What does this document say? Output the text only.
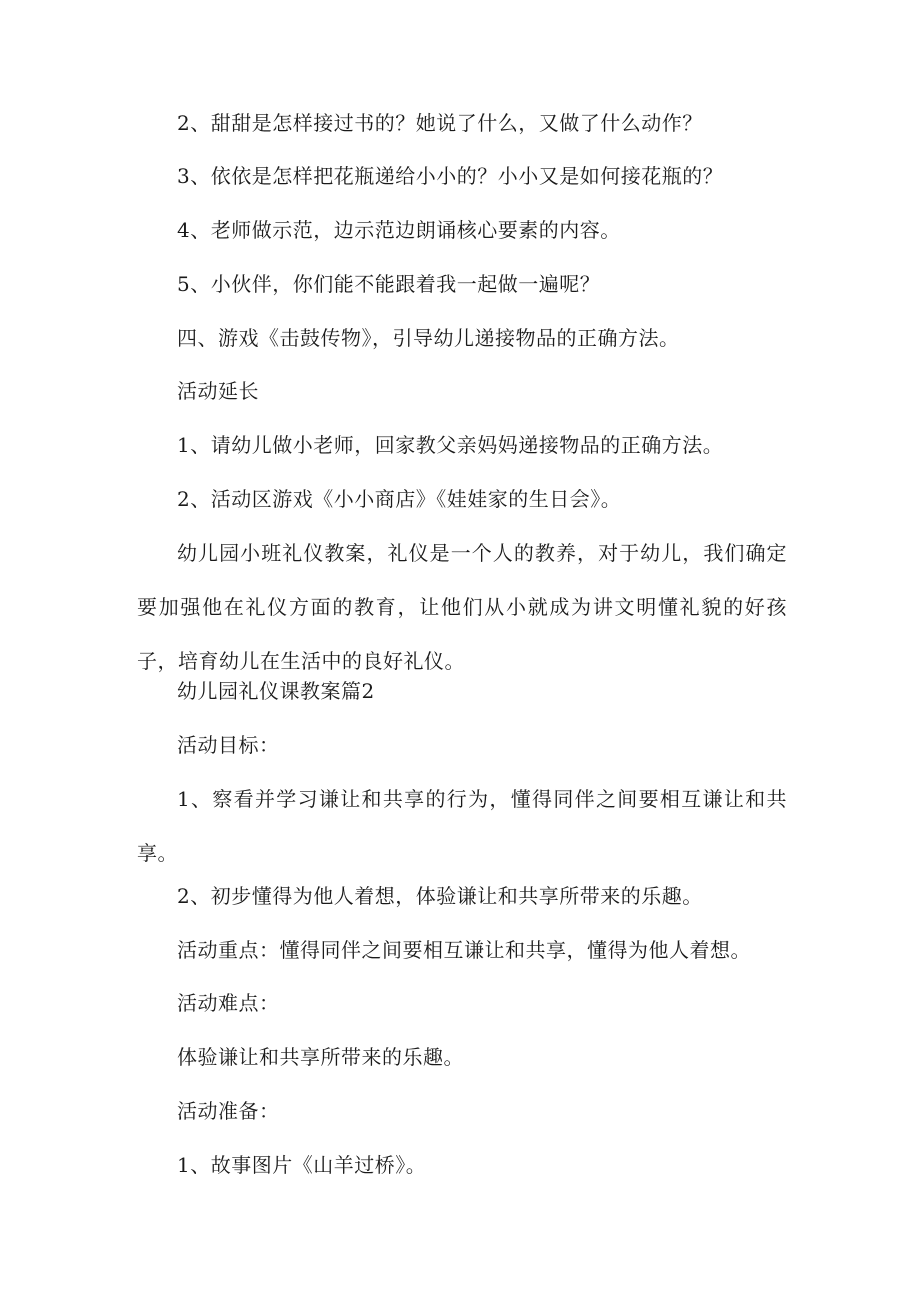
2、甜甜是怎样接过书的？她说了什么，又做了什么动作？

3、依依是怎样把花瓶递给小小的？小小又是如何接花瓶的？

4、老师做示范，边示范边朗诵核心要素的内容。

5、小伙伴，你们能不能跟着我一起做一遍呢？

四、游戏《击鼓传物》，引导幼儿递接物品的正确方法。

活动延长

1、请幼儿做小老师，回家教父亲妈妈递接物品的正确方法。

2、活动区游戏《小小商店》《娃娃家的生日会》。

幼儿园小班礼仪教案，礼仪是一个人的教养，对于幼儿，我们确定要加强他在礼仪方面的教育，让他们从小就成为讲文明懂礼貌的好孩子，培育幼儿在生活中的良好礼仪。

幼儿园礼仪课教案篇2

活动目标：

1、察看并学习谦让和共享的行为，懂得同伴之间要相互谦让和共享。

2、初步懂得为他人着想，体验谦让和共享所带来的乐趣。

活动重点：懂得同伴之间要相互谦让和共享，懂得为他人着想。

活动难点：

体验谦让和共享所带来的乐趣。

活动准备：

1、故事图片《山羊过桥》。
